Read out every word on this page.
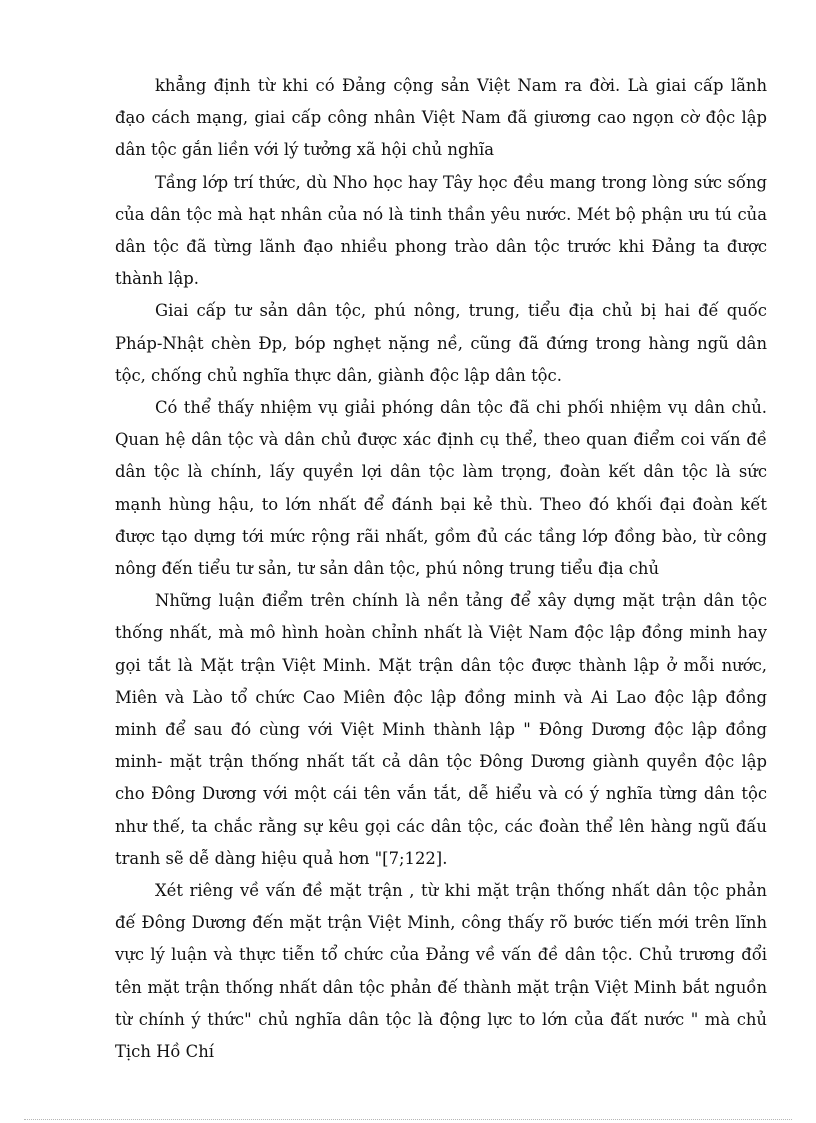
khẳng định từ khi có Đảng cộng sản Việt Nam ra đời. Là giai cấp lãnh đạo cách mạng, giai cấp công nhân Việt Nam đã giương cao ngọn cờ độc lập dân tộc gắn liền với lý tưởng xã hội chủ nghĩa

Tầng lớp trí thức, dù Nho học hay Tây học đều mang trong lòng sức sống của dân tộc mà hạt nhân của nó là tinh thần yêu nước. Mét bộ phận ưu tú của dân tộc đã từng lãnh đạo nhiều phong trào dân tộc trước khi Đảng ta được thành lập.

Giai cấp tư sản dân tộc, phú nông, trung, tiểu địa chủ bị hai đế quốc Pháp-Nhật chèn Ðp, bóp nghẹt nặng nề, cũng đã đứng trong hàng ngũ dân tộc, chống chủ nghĩa thực dân, giành độc lập dân tộc.

Có thể thấy nhiệm vụ giải phóng dân tộc đã chi phối nhiệm vụ dân chủ. Quan hệ dân tộc và dân chủ được xác định cụ thể, theo quan điểm coi vấn đề dân tộc là chính, lấy quyền lợi dân tộc làm trọng, đoàn kết dân tộc là sức mạnh hùng hậu, to lớn nhất để đánh bại kẻ thù. Theo đó khối đại đoàn kết được tạo dựng tới mức rộng rãi nhất, gồm đủ các tầng lớp đồng bào, từ công nông đến tiểu tư sản, tư sản dân tộc, phú nông trung tiểu địa chủ

Những luận điểm trên chính là nền tảng để xây dựng mặt trận dân tộc thống nhất, mà mô hình hoàn chỉnh nhất là Việt Nam độc lập đồng minh hay gọi tắt là Mặt trận Việt Minh. Mặt trận dân tộc được thành lập ở mỗi nước, Miên và Lào tổ chức Cao Miên độc lập đồng minh và Ai Lao độc lập đồng minh để sau đó cùng với Việt Minh thành lập " Đông Dương độc lập đồng minh- mặt trận thống nhất tất cả dân tộc Đông Dương giành quyền độc lập cho Đông Dương với một cái tên vắn tắt, dễ hiểu và có ý nghĩa từng dân tộc như thế, ta chắc rằng sự kêu gọi các dân tộc, các đoàn thể lên hàng ngũ đấu tranh sẽ dễ dàng hiệu quả hơn "[7;122].

Xét riêng về vấn đề mặt trận , từ khi mặt trận thống nhất dân tộc phản đế Đông Dương đến mặt trận Việt Minh, công thấy rõ bước tiến mới trên lĩnh vực lý luận và thực tiễn tổ chức của Đảng về vấn đề dân tộc. Chủ trương đổi tên mặt trận thống nhất dân tộc phản đế thành mặt trận Việt Minh bắt nguồn từ chính ý thức" chủ nghĩa dân tộc là động lực to lớn của đất nước " mà chủ Tịch Hồ Chí
